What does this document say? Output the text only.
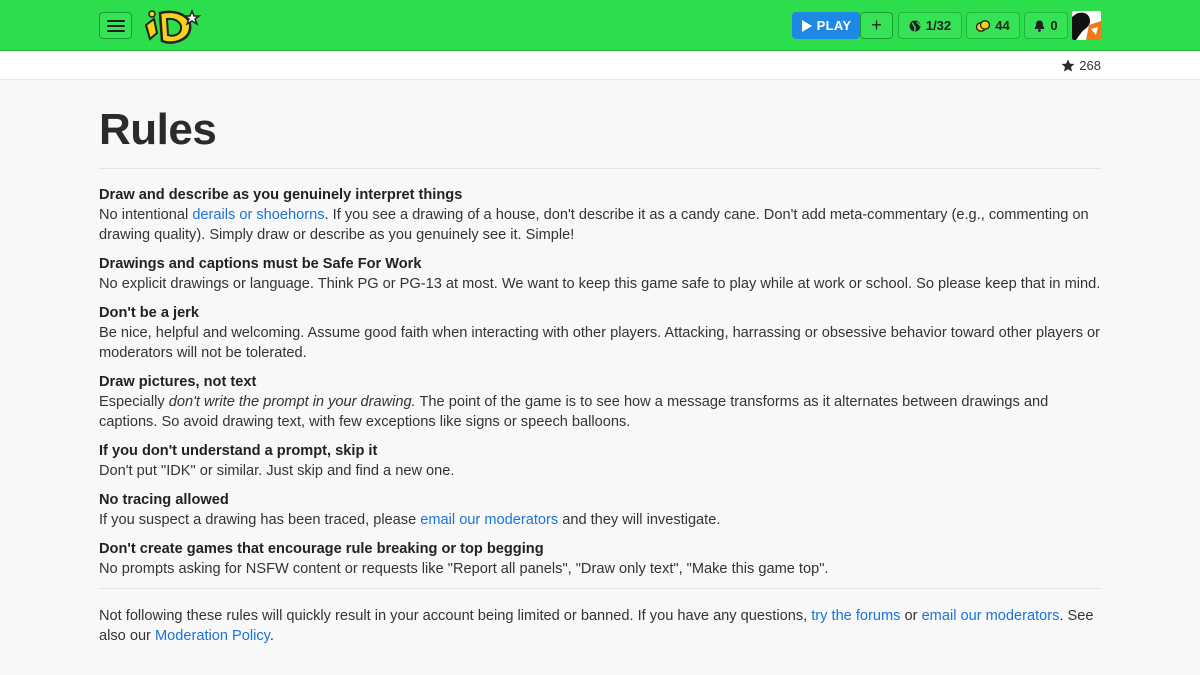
PLAY +	1/32	44	0
268
Rules
Draw and describe as you genuinely interpret things
No intentional derails or shoehorns. If you see a drawing of a house, don't describe it as a candy cane. Don't add meta-commentary (e.g., commenting on drawing quality). Simply draw or describe as you genuinely see it. Simple!
Drawings and captions must be Safe For Work
No explicit drawings or language. Think PG or PG-13 at most. We want to keep this game safe to play while at work or school. So please keep that in mind.
Don't be a jerk
Be nice, helpful and welcoming. Assume good faith when interacting with other players. Attacking, harrassing or obsessive behavior toward other players or moderators will not be tolerated.
Draw pictures, not text
Especially don't write the prompt in your drawing. The point of the game is to see how a message transforms as it alternates between drawings and captions. So avoid drawing text, with few exceptions like signs or speech balloons.
If you don't understand a prompt, skip it
Don't put "IDK" or similar. Just skip and find a new one.
No tracing allowed
If you suspect a drawing has been traced, please email our moderators and they will investigate.
Don't create games that encourage rule breaking or top begging
No prompts asking for NSFW content or requests like "Report all panels", "Draw only text", "Make this game top".

Not following these rules will quickly result in your account being limited or banned. If you have any questions, try the forums or email our moderators. See also our Moderation Policy.
